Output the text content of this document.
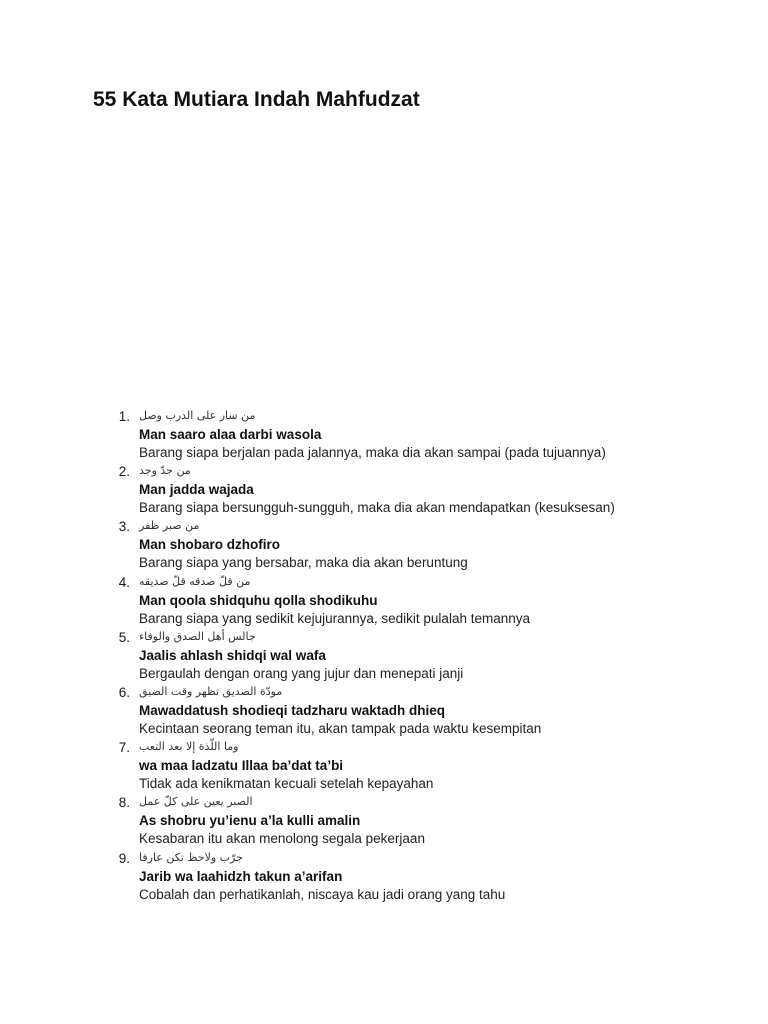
55 Kata Mutiara Indah Mahfudzat
1. من سار على الدرب وصل
Man saaro alaa darbi wasola
Barang siapa berjalan pada jalannya, maka dia akan sampai (pada tujuannya)
2. من جدّ وجد
Man jadda wajada
Barang siapa bersungguh-sungguh, maka dia akan mendapatkan (kesuksesan)
3. من صبر ظفر
Man shobaro dzhofiro
Barang siapa yang bersabar, maka dia akan beruntung
4. من قلّ صدقه قلّ صديقه
Man qoola shidquhu qolla shodikuhu
Barang siapa yang sedikit kejujurannya, sedikit pulalah temannya
5. جالس أهل الصدق والوفاء
Jaalis ahlash shidqi wal wafa
Bergaulah dengan orang yang jujur dan menepati janji
6. مودّة الصديق تظهر وقت الضيق
Mawaddatush shodieqi tadzharu waktadh dhieq
Kecintaan seorang teman itu, akan tampak pada waktu kesempitan
7. وما اللّذة إلا بعد التعب
wa maa ladzatu Illaa ba’dat ta’bi
Tidak ada kenikmatan kecuali setelah kepayahan
8. الصبر يعين على كلّ عمل
As shobru yu’ienu a’la kulli amalin
Kesabaran itu akan menolong segala pekerjaan
9. جرّب ولاحظ تكن عارفا
Jarib wa laahidzh takun a’arifan
Cobalah dan perhatikanlah, niscaya kau jadi orang yang tahu
